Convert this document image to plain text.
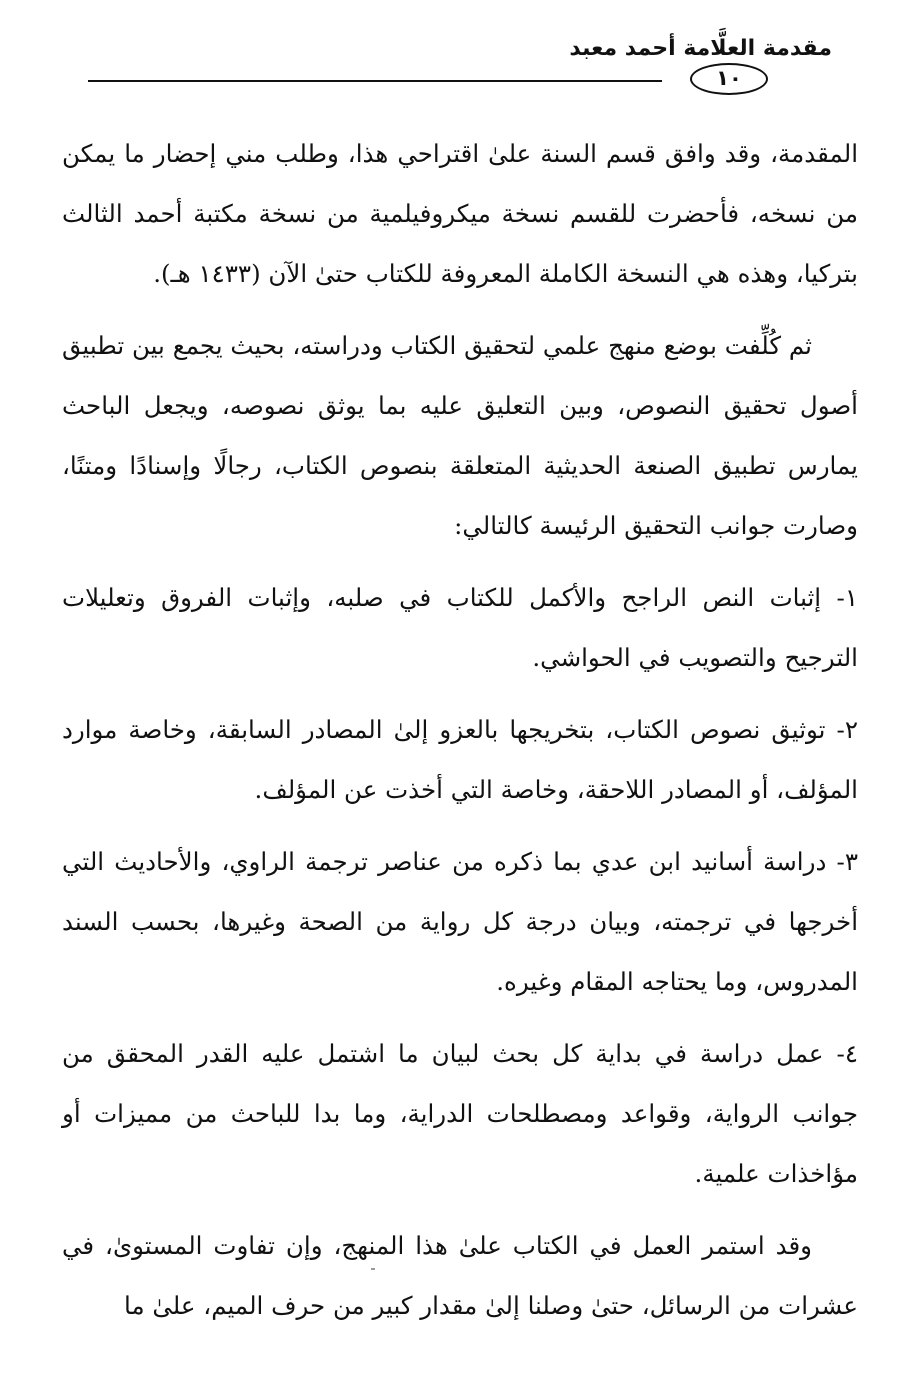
مقدمة العلَّامة أحمد معبد
١٠

المقدمة، وقد وافق قسم السنة علىٰ اقتراحي هذا، وطلب مني إحضار ما يمكن من نسخه، فأحضرت للقسم نسخة ميكروفيلمية من نسخة مكتبة أحمد الثالث بتركيا، وهذه هي النسخة الكاملة المعروفة للكتاب حتىٰ الآن (١٤٣٣ هـ).

ثم كُلِّفت بوضع منهج علمي لتحقيق الكتاب ودراسته، بحيث يجمع بين تطبيق أصول تحقيق النصوص، وبين التعليق عليه بما يوثق نصوصه، ويجعل الباحث يمارس تطبيق الصنعة الحديثية المتعلقة بنصوص الكتاب، رجالًا وإسنادًا ومتنًا، وصارت جوانب التحقيق الرئيسة كالتالي:

١- إثبات النص الراجح والأكمل للكتاب في صلبه، وإثبات الفروق وتعليلات الترجيح والتصويب في الحواشي.

٢- توثيق نصوص الكتاب، بتخريجها بالعزو إلىٰ المصادر السابقة، وخاصة موارد المؤلف، أو المصادر اللاحقة، وخاصة التي أخذت عن المؤلف.

٣- دراسة أسانيد ابن عدي بما ذكره من عناصر ترجمة الراوي، والأحاديث التي أخرجها في ترجمته، وبيان درجة كل رواية من الصحة وغيرها، بحسب السند المدروس، وما يحتاجه المقام وغيره.

٤- عمل دراسة في بداية كل بحث لبيان ما اشتمل عليه القدر المحقق من جوانب الرواية، وقواعد ومصطلحات الدراية، وما بدا للباحث من مميزات أو مؤاخذات علمية.

وقد استمر العمل في الكتاب علىٰ هذا المنهج، وإن تفاوت المستوىٰ، في عشرات من الرسائل، حتىٰ وصلنا إلىٰ مقدار كبير من حرف الميم، علىٰ ما
